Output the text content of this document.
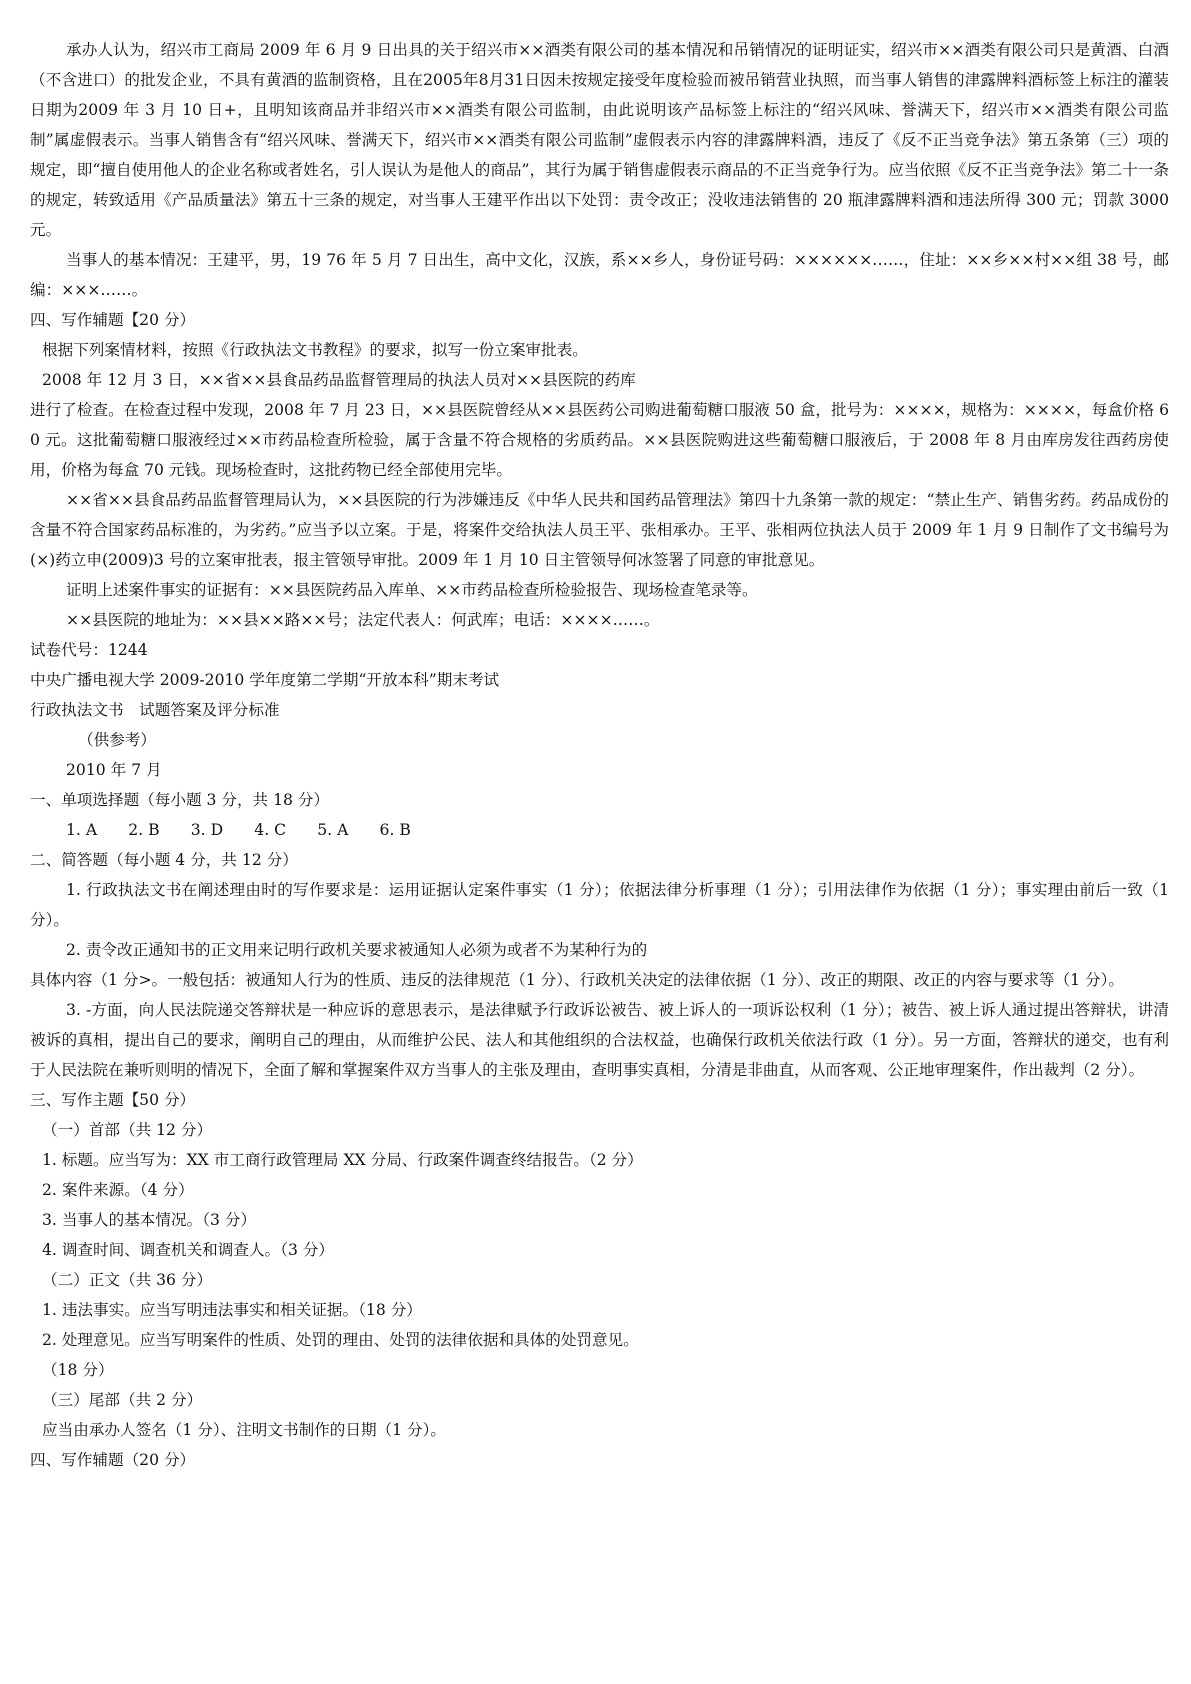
承办人认为，绍兴市工商局 2009 年 6 月 9 日出具的关于绍兴市××酒类有限公司的基本情况和吊销情况的证明证实，绍兴市××酒类有限公司只是黄酒、白酒（不含进口）的批发企业，不具有黄酒的监制资格，且在2005年8月31日因未按规定接受年度检验而被吊销营业执照，而当事人销售的津露牌料酒标签上标注的灌装日期为2009 年 3 月 10 日+，且明知该商品并非绍兴市××酒类有限公司监制，由此说明该产品标签上标注的“绍兴风味、誉满天下，绍兴市××酒类有限公司监制”属虚假表示。当事人销售含有“绍兴风味、誉满天下，绍兴市××酒类有限公司监制”虚假表示内容的津露牌料酒，违反了《反不正当竞争法》第五条第（三）项的规定，即“擅自使用他人的企业名称或者姓名，引人误认为是他人的商品”，其行为属于销售虚假表示商品的不正当竞争行为。应当依照《反不正当竞争法》第二十一条的规定，转致适用《产品质量法》第五十三条的规定，对当事人王建平作出以下处罚：责令改正；没收违法销售的 20 瓶津露牌料酒和违法所得 300 元；罚款 3000 元。

当事人的基本情况：王建平，男，19 76 年 5 月 7 日出生，高中文化，汉族，系××乡人，身份证号码：××××××……，住址：××乡××村××组 38 号，邮编：×××……。

四、写作辅题【20 分）

根据下列案情材料，按照《行政执法文书教程》的要求，拟写一份立案审批表。

2008 年 12 月 3 日，××省××县食品药品监督管理局的执法人员对××县医院的药库

进行了检查。在检查过程中发现，2008 年 7 月 23 日，××县医院曾经从××县医药公司购进葡萄糖口服液 50 盒，批号为：××××，规格为：××××，每盒价格 60 元。这批葡萄糖口服液经过××市药品检查所检验，属于含量不符合规格的劣质药品。××县医院购进这些葡萄糖口服液后，于 2008 年 8 月由库房发往西药房使用，价格为每盒 70 元钱。现场检查时，这批药物已经全部使用完毕。

××省××县食品药品监督管理局认为，××县医院的行为涉嫌违反《中华人民共和国药品管理法》第四十九条第一款的规定：“禁止生产、销售劣药。药品成份的含量不符合国家药品标准的，为劣药。”应当予以立案。于是，将案件交给执法人员王平、张相承办。王平、张相两位执法人员于 2009 年 1 月 9 日制作了文书编号为(×)药立申(2009)3 号的立案审批表，报主管领导审批。2009 年 1 月 10 日主管领导何冰签署了同意的审批意见。

证明上述案件事实的证据有：××县医院药品入库单、××市药品检查所检验报告、现场检查笔录等。

××县医院的地址为：××县××路××号；法定代表人：何武库；电话：××××……。

试卷代号：1244

中央广播电视大学 2009-2010 学年度第二学期“开放本科”期末考试

行政执法文书　试题答案及评分标准

（供参考）

2010 年 7 月

一、单项选择题（每小题 3 分，共 18 分）

1. A　　2. B　　3. D　　4. C　　5. A　　6. B

二、简答题（每小题 4 分，共 12 分）

1. 行政执法文书在阐述理由时的写作要求是：运用证据认定案件事实（1 分）；依据法律分析事理（1 分）；引用法律作为依据（1 分）；事实理由前后一致（1 分）。

2. 责令改正通知书的正文用来记明行政机关要求被通知人必须为或者不为某种行为的

具体内容（1 分>。一般包括：被通知人行为的性质、违反的法律规范（1 分）、行政机关决定的法律依据（1 分）、改正的期限、改正的内容与要求等（1 分）。

3. -方面，向人民法院递交答辩状是一种应诉的意思表示，是法律赋予行政诉讼被告、被上诉人的一项诉讼权利（1 分）；被告、被上诉人通过提出答辩状，讲清被诉的真相，提出自己的要求，阐明自己的理由，从而维护公民、法人和其他组织的合法权益，也确保行政机关依法行政（1 分）。另一方面，答辩状的递交，也有利于人民法院在兼听则明的情况下，全面了解和掌握案件双方当事人的主张及理由，查明事实真相，分清是非曲直，从而客观、公正地审理案件，作出裁判（2 分）。

三、写作主题【50 分）

（一）首部（共 12 分）

1. 标题。应当写为：XX 市工商行政管理局 XX 分局、行政案件调查终结报告。（2 分）

2. 案件来源。（4 分）

3. 当事人的基本情况。（3 分）

4. 调查时间、调查机关和调查人。（3 分）

（二）正文（共 36 分）

1. 违法事实。应当写明违法事实和相关证据。（18 分）

2. 处理意见。应当写明案件的性质、处罚的理由、处罚的法律依据和具体的处罚意见。

（18 分）

（三）尾部（共 2 分）

应当由承办人签名（1 分）、注明文书制作的日期（1 分）。

四、写作辅题（20 分）
